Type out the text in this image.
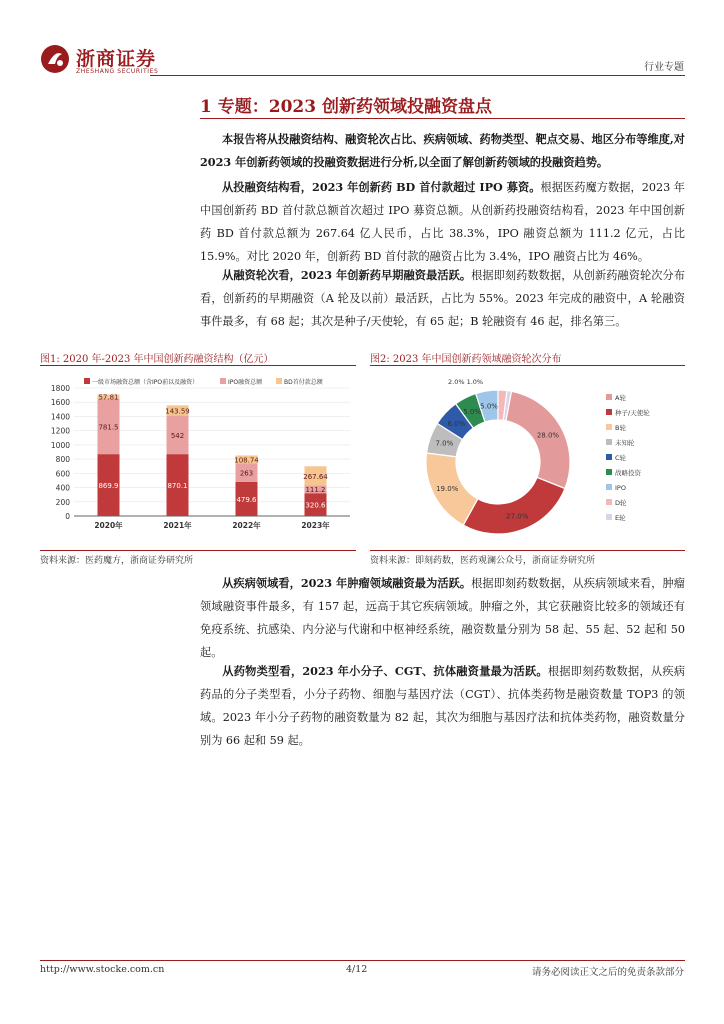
浙商证券
ZHESHANG SECURITIES	行业专题
1 专题：2023 创新药领域投融资盘点
本报告将从投融资结构、融资轮次占比、疾病领域、药物类型、靶点交易、地区分布等维度,对 2023 年创新药领域的投融资数据进行分析,以全面了解创新药领域的投融资趋势。
从投融资结构看，2023 年创新药 BD 首付款超过 IPO 募资。根据医药魔方数据，2023 年中国创新药 BD 首付款总额首次超过 IPO 募资总额。从创新药投融资结构看，2023 年中国创新药 BD 首付款总额为 267.64 亿人民币，占比 38.3%，IPO 融资总额为 111.2 亿元，占比 15.9%。对比 2020 年，创新药 BD 首付款的融资占比为 3.4%，IPO 融资占比为 46%。
从融资轮次看，2023 年创新药早期融资最活跃。根据即刻药数数据，从创新药融资轮次分布看，创新药的早期融资（A 轮及以前）最活跃，占比为 55%。2023 年完成的融资中，A 轮融资事件最多，有 68 起；其次是种子/天使轮，有 65 起；B 轮融资有 46 起，排名第三。
图1: 2020 年-2023 年中国创新药融资结构（亿元）
0
200
400
600
800
1000
1200
1400
1600
1800
869.9
781.5
57.81
2020年
870.1
542
143.59
2021年
479.6
263
108.74
2022年
320.6
111.2
267.64
2023年
一级市场融资总额（含IPO前以及融资）	IPO融资总额	BD首付款总额
资料来源：医药魔方，浙商证券研究所
图2: 2023 年中国创新药领域融资轮次分布
28.0%
27.0%
19.0%
7.0%
6.0%
5.0%
5.0%
2.0% 1.0%
A轮
种子/天使轮
B轮
未知轮
C轮
战略投资
IPO
D轮
E轮
资料来源：即刻药数，医药观澜公众号，浙商证券研究所
从疾病领域看，2023 年肿瘤领域融资最为活跃。根据即刻药数数据，从疾病领域来看，肿瘤领域融资事件最多，有 157 起，远高于其它疾病领域。肿瘤之外，其它获融资比较多的领域还有免疫系统、抗感染、内分泌与代谢和中枢神经系统，融资数量分别为 58 起、55 起、52 起和 50 起。
从药物类型看，2023 年小分子、CGT、抗体融资量最为活跃。根据即刻药数数据，从疾病药品的分子类型看，小分子药物、细胞与基因疗法（CGT）、抗体类药物是融资数量 TOP3 的领域。2023 年小分子药物的融资数量为 82 起，其次为细胞与基因疗法和抗体类药物，融资数量分别为 66 起和 59 起。
http://www.stocke.com.cn	4/12	请务必阅读正文之后的免责条款部分
